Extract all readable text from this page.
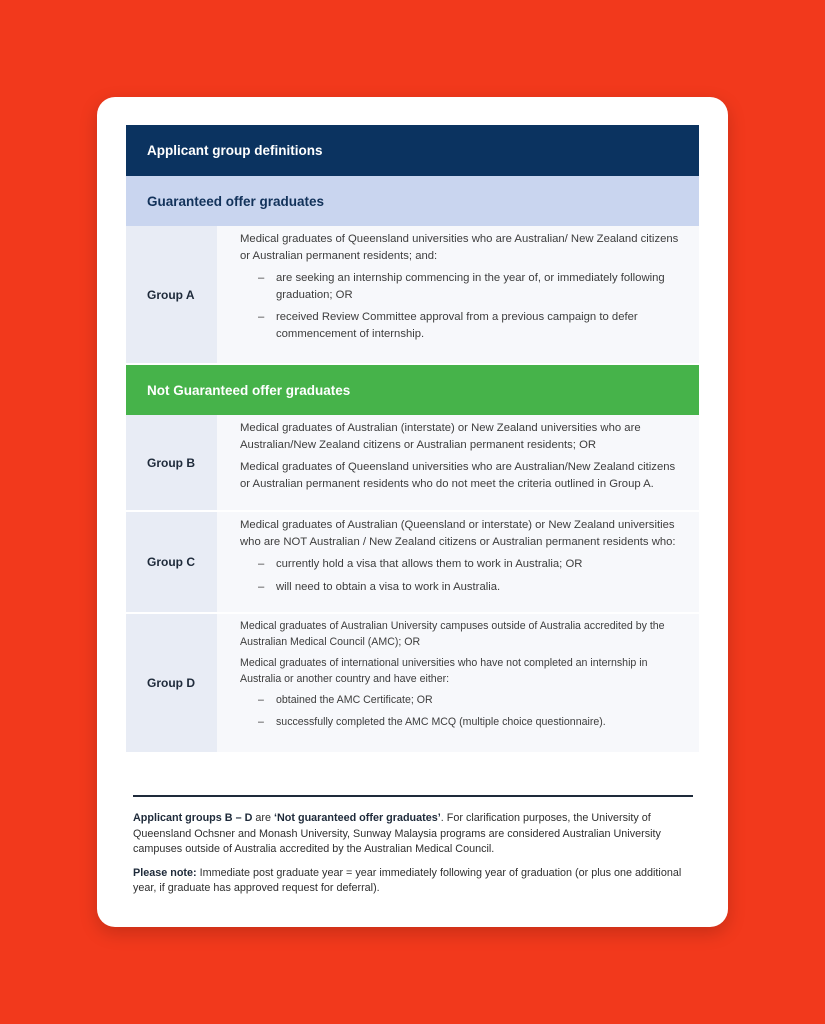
Applicant group definitions
Guaranteed offer graduates
Group A

Medical graduates of Queensland universities who are Australian/ New Zealand citizens or Australian permanent residents; and:

– are seeking an internship commencing in the year of, or immediately following graduation; OR
– received Review Committee approval from a previous campaign to defer commencement of internship.
Not Guaranteed offer graduates
Group B

Medical graduates of Australian (interstate) or New Zealand universities who are Australian/New Zealand citizens or Australian permanent residents; OR

Medical graduates of Queensland universities who are Australian/New Zealand citizens or Australian permanent residents who do not meet the criteria outlined in Group A.

Group C

Medical graduates of Australian (Queensland or interstate) or New Zealand universities who are NOT Australian / New Zealand citizens or Australian permanent residents who:

– currently hold a visa that allows them to work in Australia; OR
– will need to obtain a visa to work in Australia.
Group D

Medical graduates of Australian University campuses outside of Australia accredited by the Australian Medical Council (AMC); OR

Medical graduates of international universities who have not completed an internship in Australia or another country and have either:

– obtained the AMC Certificate; OR
– successfully completed the AMC MCQ (multiple choice questionnaire).

Applicant groups B – D are ‘Not guaranteed offer graduates’. For clarification purposes, the University of Queensland Ochsner and Monash University, Sunway Malaysia programs are considered Australian University campuses outside of Australia accredited by the Australian Medical Council.

Please note: Immediate post graduate year = year immediately following year of graduation (or plus one additional year, if graduate has approved request for deferral).
